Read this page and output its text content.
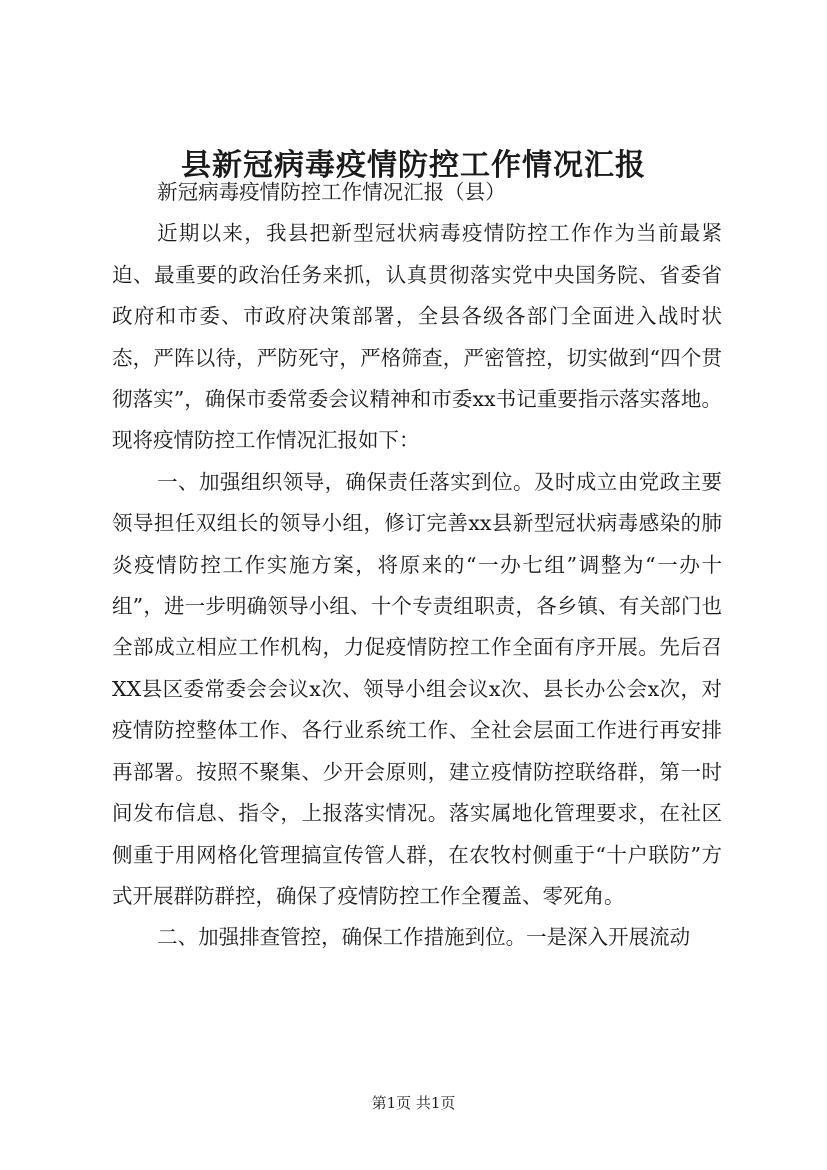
县新冠病毒疫情防控工作情况汇报

新冠病毒疫情防控工作情况汇报（县）

近期以来，我县把新型冠状病毒疫情防控工作作为当前最紧迫、最重要的政治任务来抓，认真贯彻落实党中央国务院、省委省政府和市委、市政府决策部署，全县各级各部门全面进入战时状态，严阵以待，严防死守，严格筛查，严密管控，切实做到“四个贯彻落实”，确保市委常委会议精神和市委xx书记重要指示落实落地。现将疫情防控工作情况汇报如下：

一、加强组织领导，确保责任落实到位。及时成立由党政主要领导担任双组长的领导小组，修订完善xx县新型冠状病毒感染的肺炎疫情防控工作实施方案，将原来的“一办七组”调整为“一办十组”，进一步明确领导小组、十个专责组职责，各乡镇、有关部门也全部成立相应工作机构，力促疫情防控工作全面有序开展。先后召XX县区委常委会会议x次、领导小组会议x次、县长办公会x次，对疫情防控整体工作、各行业系统工作、全社会层面工作进行再安排再部署。按照不聚集、少开会原则，建立疫情防控联络群，第一时间发布信息、指令，上报落实情况。落实属地化管理要求，在社区侧重于用网格化管理搞宣传管人群，在农牧村侧重于“十户联防”方式开展群防群控，确保了疫情防控工作全覆盖、零死角。

二、加强排查管控，确保工作措施到位。一是深入开展流动

第1页 共1页
